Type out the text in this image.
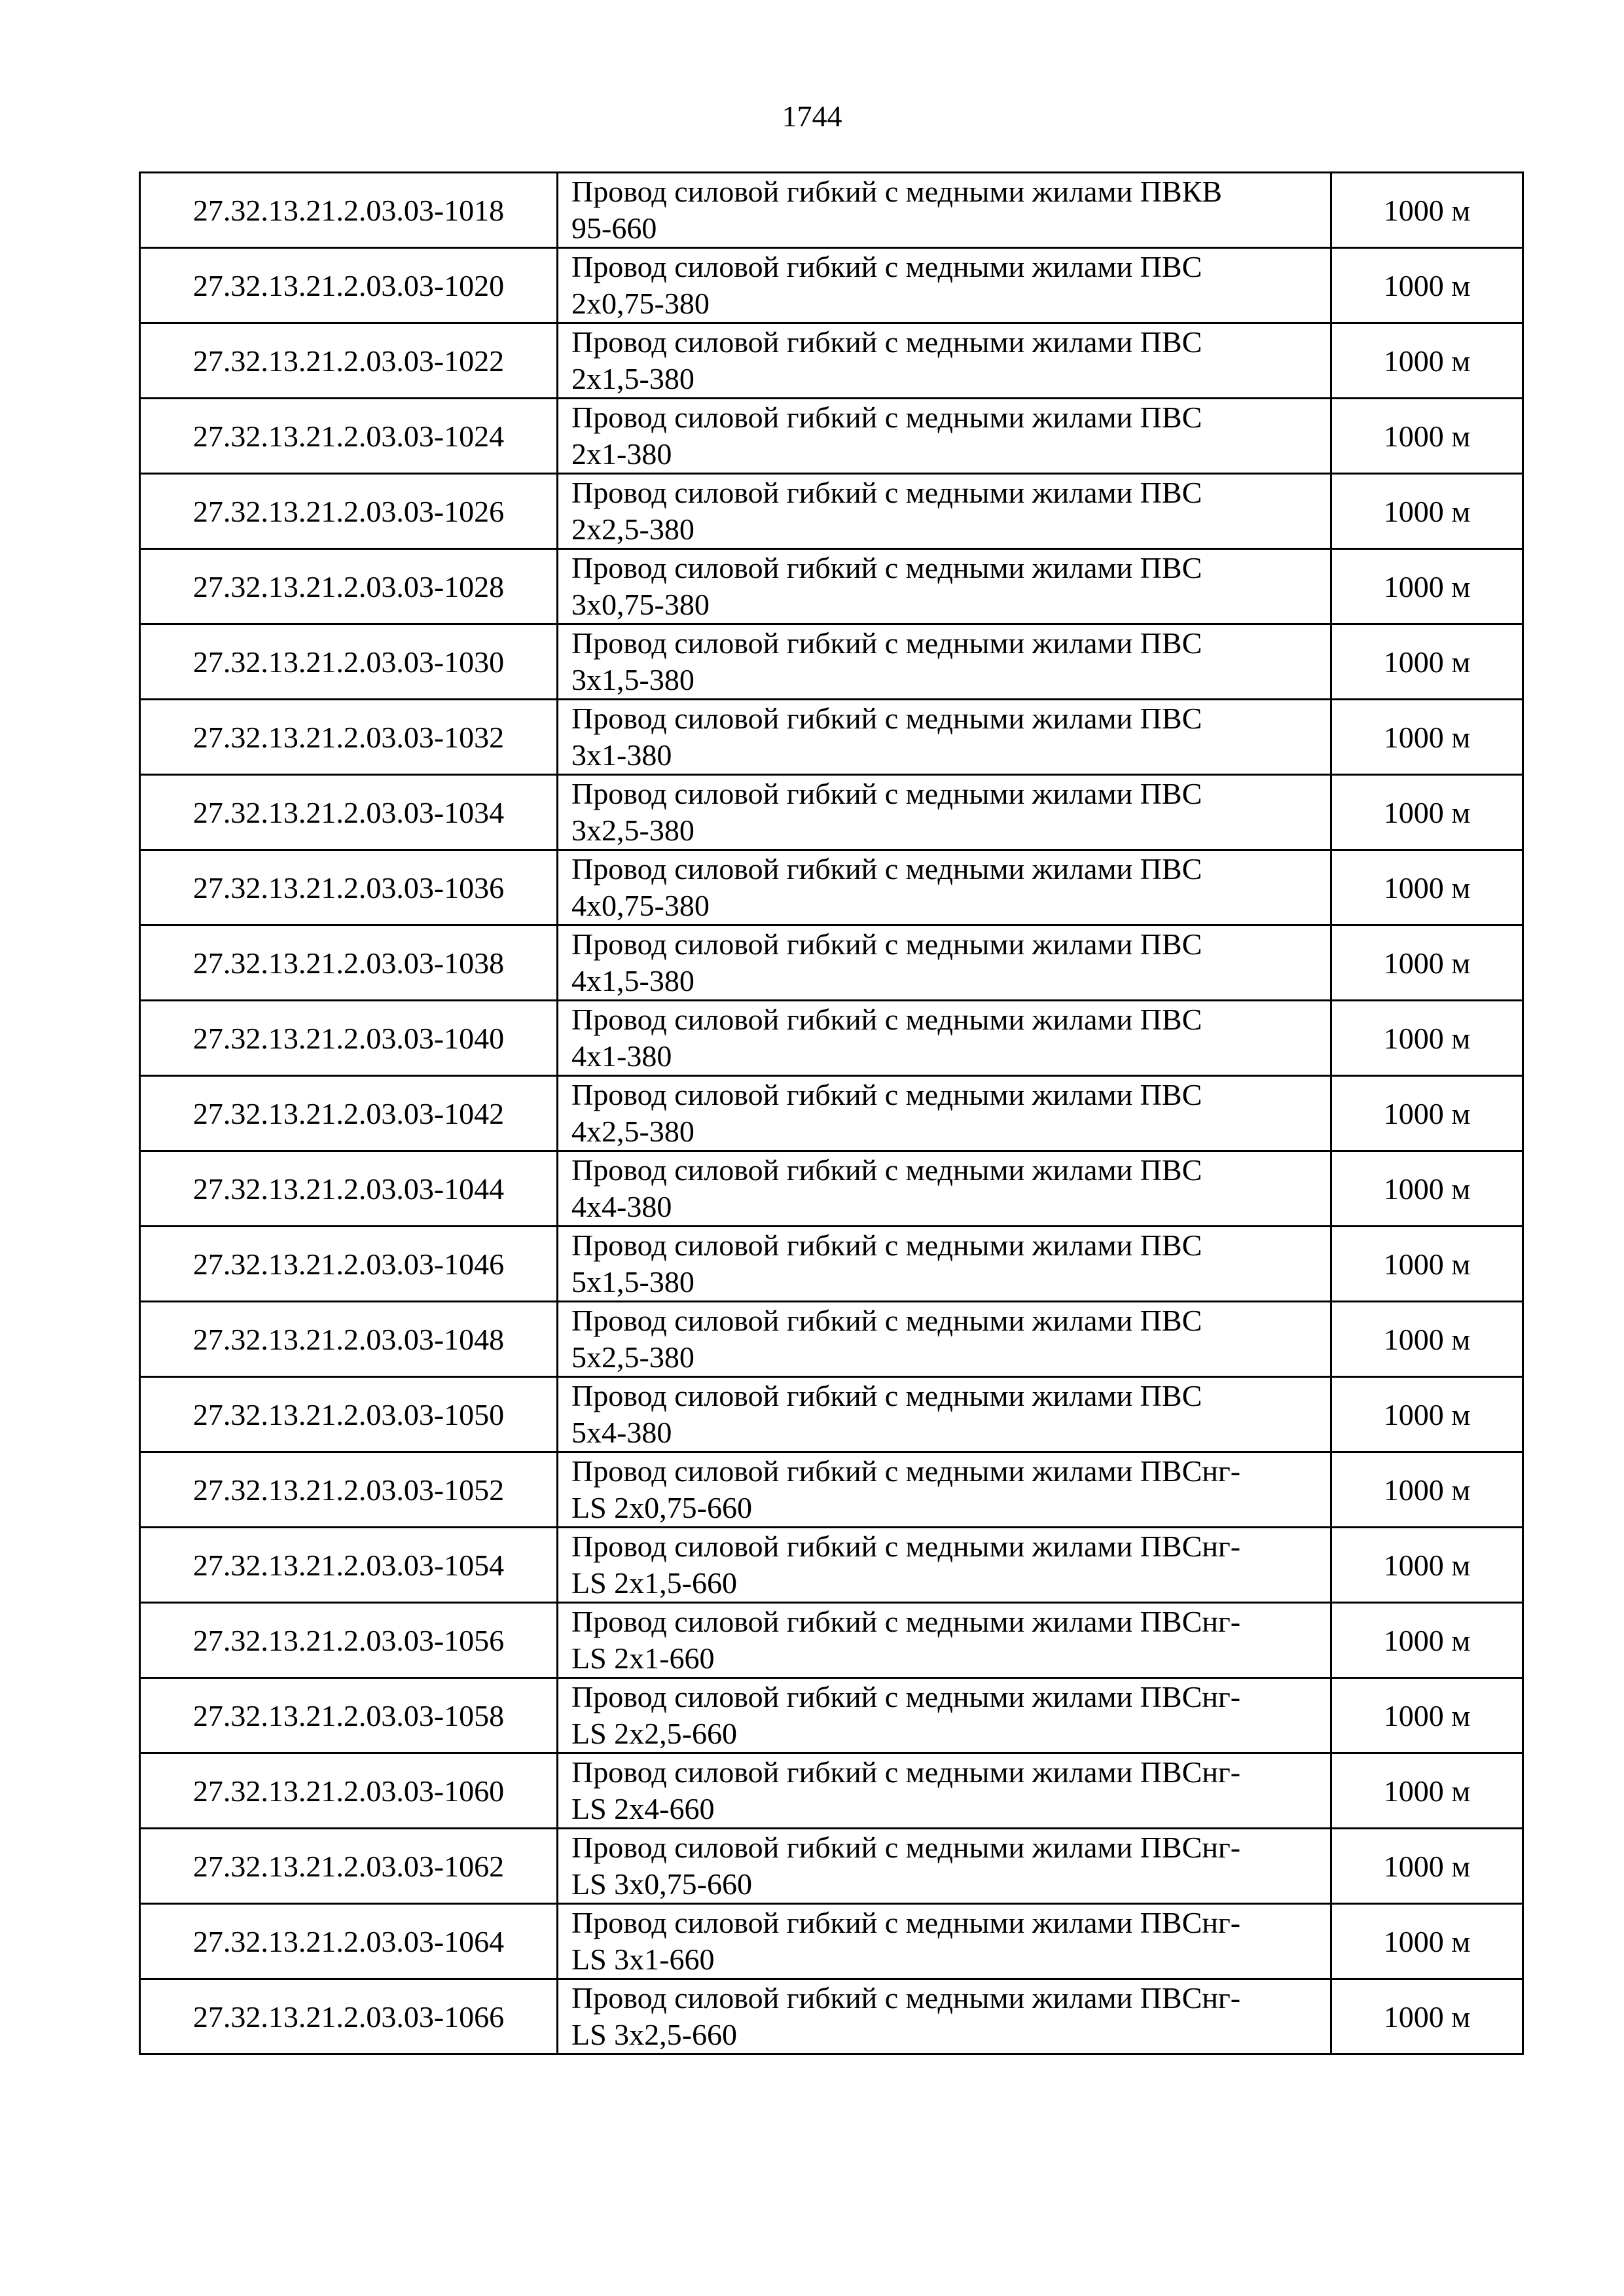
1744
27.32.13.21.2.03.03-1018	Провод силовой гибкий с медными жилами ПВКВ
95-660	1000 м
27.32.13.21.2.03.03-1020	Провод силовой гибкий с медными жилами ПВС
2x0,75-380	1000 м
27.32.13.21.2.03.03-1022	Провод силовой гибкий с медными жилами ПВС
2x1,5-380	1000 м
27.32.13.21.2.03.03-1024	Провод силовой гибкий с медными жилами ПВС
2x1-380	1000 м
27.32.13.21.2.03.03-1026	Провод силовой гибкий с медными жилами ПВС
2x2,5-380	1000 м
27.32.13.21.2.03.03-1028	Провод силовой гибкий с медными жилами ПВС
3x0,75-380	1000 м
27.32.13.21.2.03.03-1030	Провод силовой гибкий с медными жилами ПВС
3x1,5-380	1000 м
27.32.13.21.2.03.03-1032	Провод силовой гибкий с медными жилами ПВС
3x1-380	1000 м
27.32.13.21.2.03.03-1034	Провод силовой гибкий с медными жилами ПВС
3x2,5-380	1000 м
27.32.13.21.2.03.03-1036	Провод силовой гибкий с медными жилами ПВС
4x0,75-380	1000 м
27.32.13.21.2.03.03-1038	Провод силовой гибкий с медными жилами ПВС
4x1,5-380	1000 м
27.32.13.21.2.03.03-1040	Провод силовой гибкий с медными жилами ПВС
4x1-380	1000 м
27.32.13.21.2.03.03-1042	Провод силовой гибкий с медными жилами ПВС
4x2,5-380	1000 м
27.32.13.21.2.03.03-1044	Провод силовой гибкий с медными жилами ПВС
4x4-380	1000 м
27.32.13.21.2.03.03-1046	Провод силовой гибкий с медными жилами ПВС
5x1,5-380	1000 м
27.32.13.21.2.03.03-1048	Провод силовой гибкий с медными жилами ПВС
5x2,5-380	1000 м
27.32.13.21.2.03.03-1050	Провод силовой гибкий с медными жилами ПВС
5x4-380	1000 м
27.32.13.21.2.03.03-1052	Провод силовой гибкий с медными жилами ПВСнг-
LS 2x0,75-660	1000 м
27.32.13.21.2.03.03-1054	Провод силовой гибкий с медными жилами ПВСнг-
LS 2x1,5-660	1000 м
27.32.13.21.2.03.03-1056	Провод силовой гибкий с медными жилами ПВСнг-
LS 2x1-660	1000 м
27.32.13.21.2.03.03-1058	Провод силовой гибкий с медными жилами ПВСнг-
LS 2x2,5-660	1000 м
27.32.13.21.2.03.03-1060	Провод силовой гибкий с медными жилами ПВСнг-
LS 2x4-660	1000 м
27.32.13.21.2.03.03-1062	Провод силовой гибкий с медными жилами ПВСнг-
LS 3x0,75-660	1000 м
27.32.13.21.2.03.03-1064	Провод силовой гибкий с медными жилами ПВСнг-
LS 3x1-660	1000 м
27.32.13.21.2.03.03-1066	Провод силовой гибкий с медными жилами ПВСнг-
LS 3x2,5-660	1000 м
